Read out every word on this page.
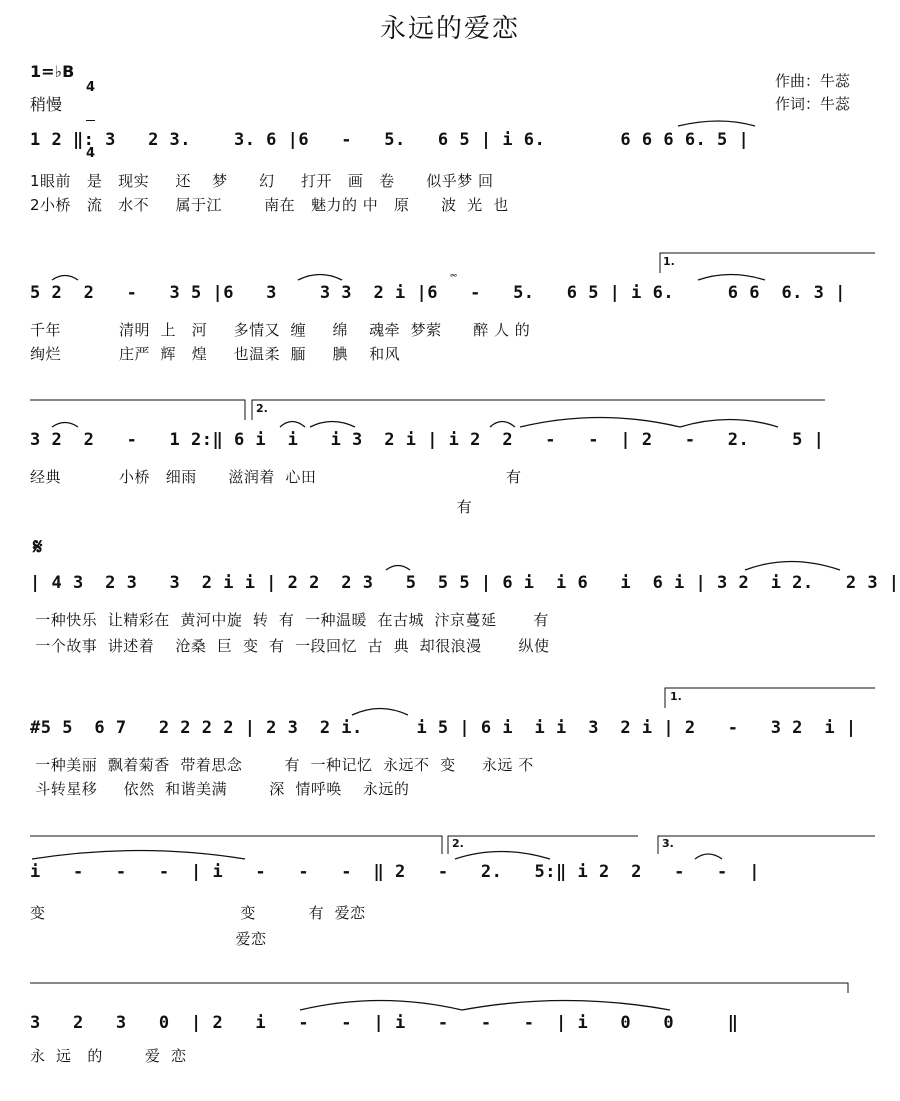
永远的爱恋
1=♭B

4

4

稍慢
作曲：牛蕊
作词：牛蕊
1 2 ‖: 3   2 3.    3. 6 |6   -   5.   6 5 | i 6.       6 6 6 6. 5 |
1眼前   是   现实     还    梦      幻     打开   画   卷      似乎梦 回
2小桥   流   水不     属于江        南在   魅力的 中   原      波  光  也
1.
5 2  2   -   3 5 |6   3    3 3  2 i |6   -   5.   6 5 | i 6.     6 6  6. 3 |
千年           清明  上   河     多情又  缠     绵    魂牵  梦萦      醉 人 的
绚烂           庄严  辉   煌     也温柔  腼     腆    和风
𝆗
2.
3 2  2   -   1 2:‖ 6 i  i   i 3  2 i | i 2  2   -   -  | 2   -   2.    5 |
经典           小桥   细雨      滋润着  心田                                    有
有
𝄋
| 4 3  2 3   3  2 i i | 2 2  2 3   5  5 5 | 6 i  i 6   i  6 i | 3 2  i 2.   2 3 |
一种快乐  让精彩在  黄河中旋  转  有  一种温暖  在古城  汴京蔓延       有
一个故事  讲述着    沧桑  巨  变  有  一段回忆  古  典  却很浪漫       纵使
1.
#5 5  6 7   2 2 2 2 | 2 3  2 i.     i 5 | 6 i  i i  3  2 i | 2   -   3 2  i |
一种美丽  飘着菊香  带着思念        有  一种记忆  永远不  变     永远 不
斗转星移     依然  和谐美满        深  情呼唤    永远的
2.	3.
i   -   -   -  | i   -   -   -  ‖ 2   -   2.   5:‖ i 2  2   -   -  |
变                                     变          有  爱恋
爱恋
3   2   3   0  | 2   i   -   -  | i   -   -   -  | i   0   0     ‖
永  远   的        爱  恋
